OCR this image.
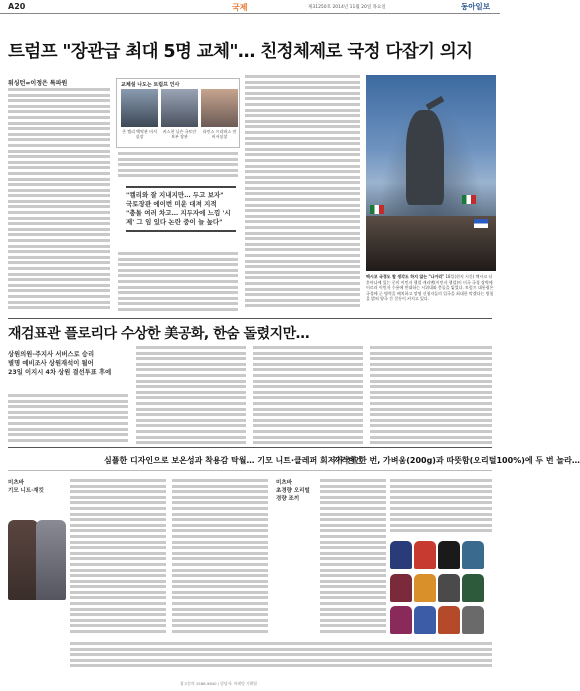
A20	국제	제31250호 2014년 11월 20일 목요일	동아일보
트럼프 "장관급 최대 5명 교체"… 친정체제로 국정 다잡기 의지
워싱턴=이정은 특파원	교체설 나도는 트럼프 인사
존 켈리 백악관 비서실장
커스천 닐슨 국토안보부 장관
라인스 프리버스 전 비서실장
"켈리와 잘 지내지만… 두고 보자"
국토장관 에이번 미운 대져 지적
"충돌 여러 차고… 지두자에 느낌 '시제' 그 임 있다 논란 중이 늘 높다"
멕시코 국경도 할 생각도 하지 않는 "나거리" 18일(현지 시간) 멕시코 티후아나에 있는 중미 이민자 행렬 캐러밴(이민자 행렬)이 미국 국경 장벽에 이르러 이민자 수용에 반대하는 시위대와 충돌을 빚었다. 트럼프 대통령은 국경에 군 병력을 배치하고 망명 신청자들의 입국을 최대한 막겠다는 방침을 밝혀 양국 간 갈등이 커지고 있다.
재검표관 플로리다 수상한 美공화, 한숨 돌렸지만…
상원의원-주지사 서버스로 승리
별명 예비조사 상원재석이 될어
23일 이지시 4차 상원 결선투표 후에
심플한 디자인으로 보온성과 착용감 탁월… 기모 니트·클레퍼 회저가 선언
가격에 한 번, 가벼움(200g)과 따뜻함(오리털100%)에 두 번 놀라…
미츠바
기모 니트·재킷
미츠바
초경량 오리털
경량 조끼
광고문의 1588-9840 / 담당자: 마케팅 기획팀
